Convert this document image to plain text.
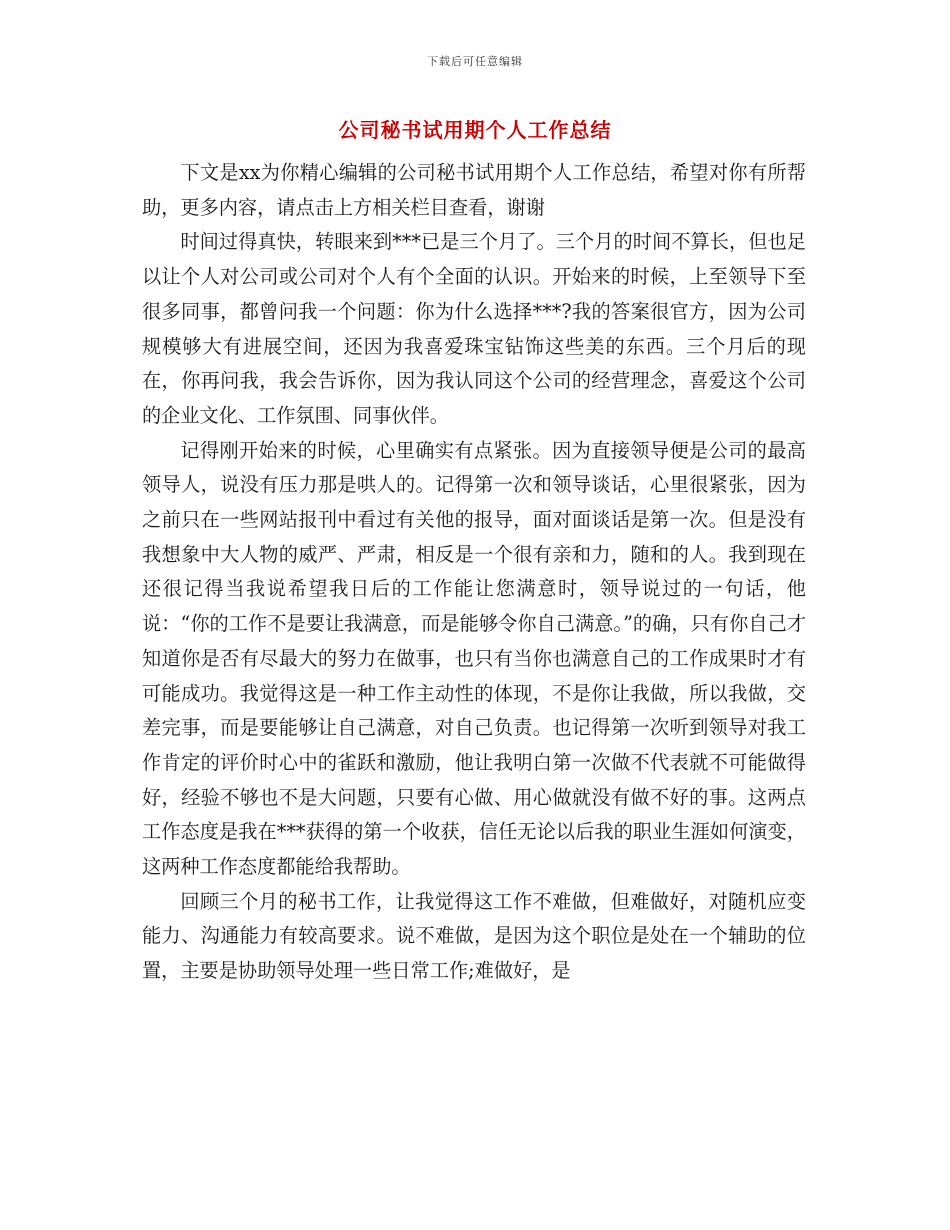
下载后可任意编辑
公司秘书试用期个人工作总结

下文是xx为你精心编辑的公司秘书试用期个人工作总结，希望对你有所帮助，更多内容，请点击上方相关栏目查看，谢谢

时间过得真快，转眼来到***已是三个月了。三个月的时间不算长，但也足以让个人对公司或公司对个人有个全面的认识。开始来的时候，上至领导下至很多同事，都曾问我一个问题：你为什么选择***?我的答案很官方，因为公司规模够大有进展空间，还因为我喜爱珠宝钻饰这些美的东西。三个月后的现在，你再问我，我会告诉你，因为我认同这个公司的经营理念，喜爱这个公司的企业文化、工作氛围、同事伙伴。

记得刚开始来的时候，心里确实有点紧张。因为直接领导便是公司的最高领导人，说没有压力那是哄人的。记得第一次和领导谈话，心里很紧张，因为之前只在一些网站报刊中看过有关他的报导，面对面谈话是第一次。但是没有我想象中大人物的威严、严肃，相反是一个很有亲和力，随和的人。我到现在还很记得当我说希望我日后的工作能让您满意时，领导说过的一句话，他说：“你的工作不是要让我满意，而是能够令你自己满意。”的确，只有你自己才知道你是否有尽最大的努力在做事，也只有当你也满意自己的工作成果时才有可能成功。我觉得这是一种工作主动性的体现，不是你让我做，所以我做，交差完事，而是要能够让自己满意，对自己负责。也记得第一次听到领导对我工作肯定的评价时心中的雀跃和激励，他让我明白第一次做不代表就不可能做得好，经验不够也不是大问题，只要有心做、用心做就没有做不好的事。这两点工作态度是我在***获得的第一个收获，信任无论以后我的职业生涯如何演变，这两种工作态度都能给我帮助。

回顾三个月的秘书工作，让我觉得这工作不难做，但难做好，对随机应变能力、沟通能力有较高要求。说不难做，是因为这个职位是处在一个辅助的位置，主要是协助领导处理一些日常工作;难做好，是
